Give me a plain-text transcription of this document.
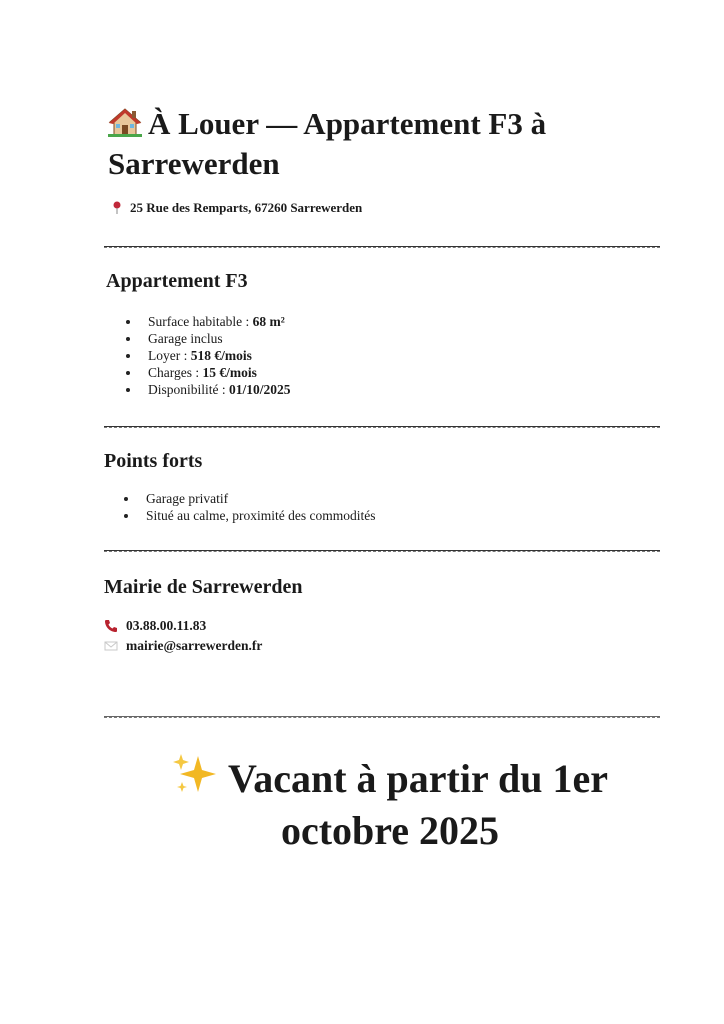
À Louer — Appartement F3 à Sarrewerden
25 Rue des Remparts, 67260 Sarrewerden
Appartement F3
Surface habitable : 68 m²
Garage inclus
Loyer : 518 €/mois
Charges : 15 €/mois
Disponibilité : 01/10/2025
Points forts
Garage privatif
Situé au calme, proximité des commodités
Mairie de Sarrewerden
03.88.00.11.83
mairie@sarrewerden.fr

Vacant à partir du 1er octobre 2025
